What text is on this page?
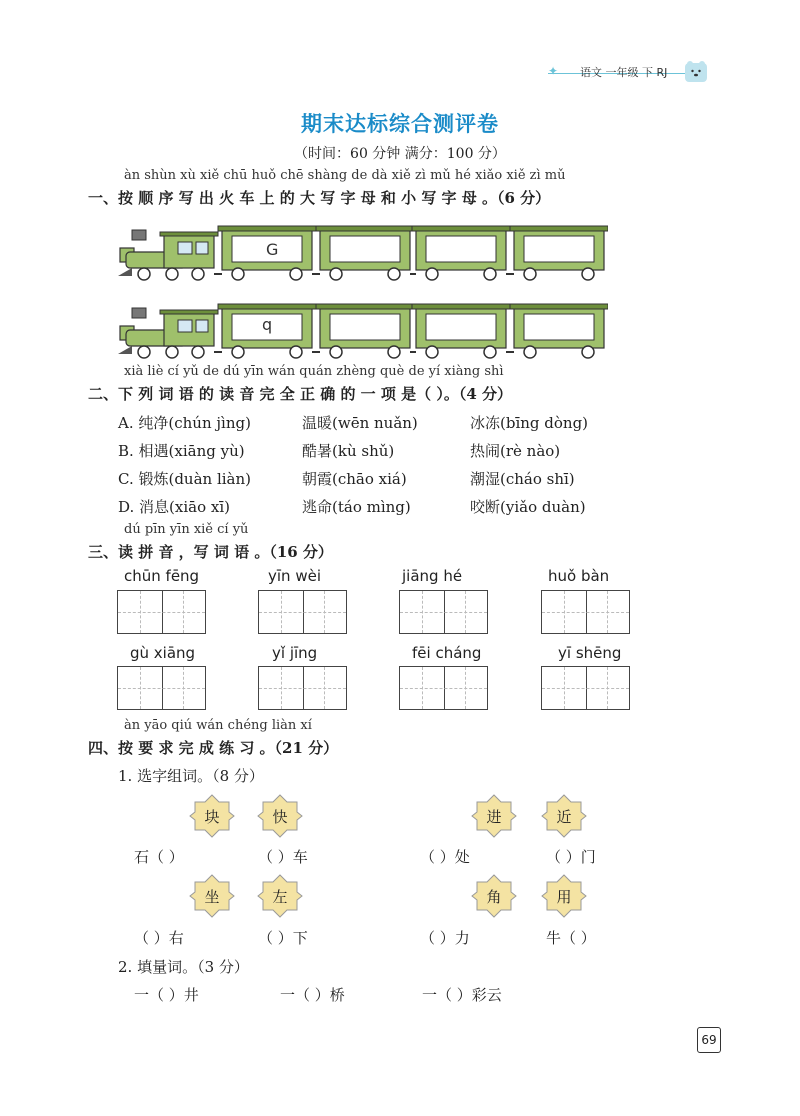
✦ 语文 一年级 下 RJ
期末达标综合测评卷
（时间：60 分钟 满分：100 分）
àn shùn xù xiě chū huǒ chē shàng de dà xiě zì mǔ hé xiǎo xiě zì mǔ
一、按 顺 序 写 出 火 车 上 的 大 写 字 母 和 小 写 字 母 。（6 分）
G
q
xià liè cí yǔ de dú yīn wán quán zhèng què de yí xiàng shì
二、下 列 词 语 的 读 音 完 全 正 确 的 一 项 是（ ）。（4 分）
A. 纯净(chún jìng)	温暖(wēn nuǎn)	冰冻(bīng dòng)
B. 相遇(xiāng yù)	酷暑(kù shǔ)	热闹(rè nào)
C. 锻炼(duàn liàn)	朝霞(chāo xiá)	潮湿(cháo shī)
D. 消息(xiāo xī)	逃命(táo mìng)	咬断(yiǎo duàn)
dú pīn yīn xiě cí yǔ
三、读 拼 音 ，写 词 语 。（16 分）
chūn fēng	yīn wèi	jiāng hé	huǒ bàn
gù xiāng	yǐ jīng	fēi cháng	yī shēng
àn yāo qiú wán chéng liàn xí
四、按 要 求 完 成 练 习 。（21 分）
1. 选字组词。（8 分）
块	快	进	近
石（ ）	（ ）车	（ ）处	（ ）门
坐	左	角	用
（ ）右	（ ）下	（ ）力	牛（ ）
2. 填量词。（3 分）
一（ ）井	一（ ）桥	一（ ）彩云
69
